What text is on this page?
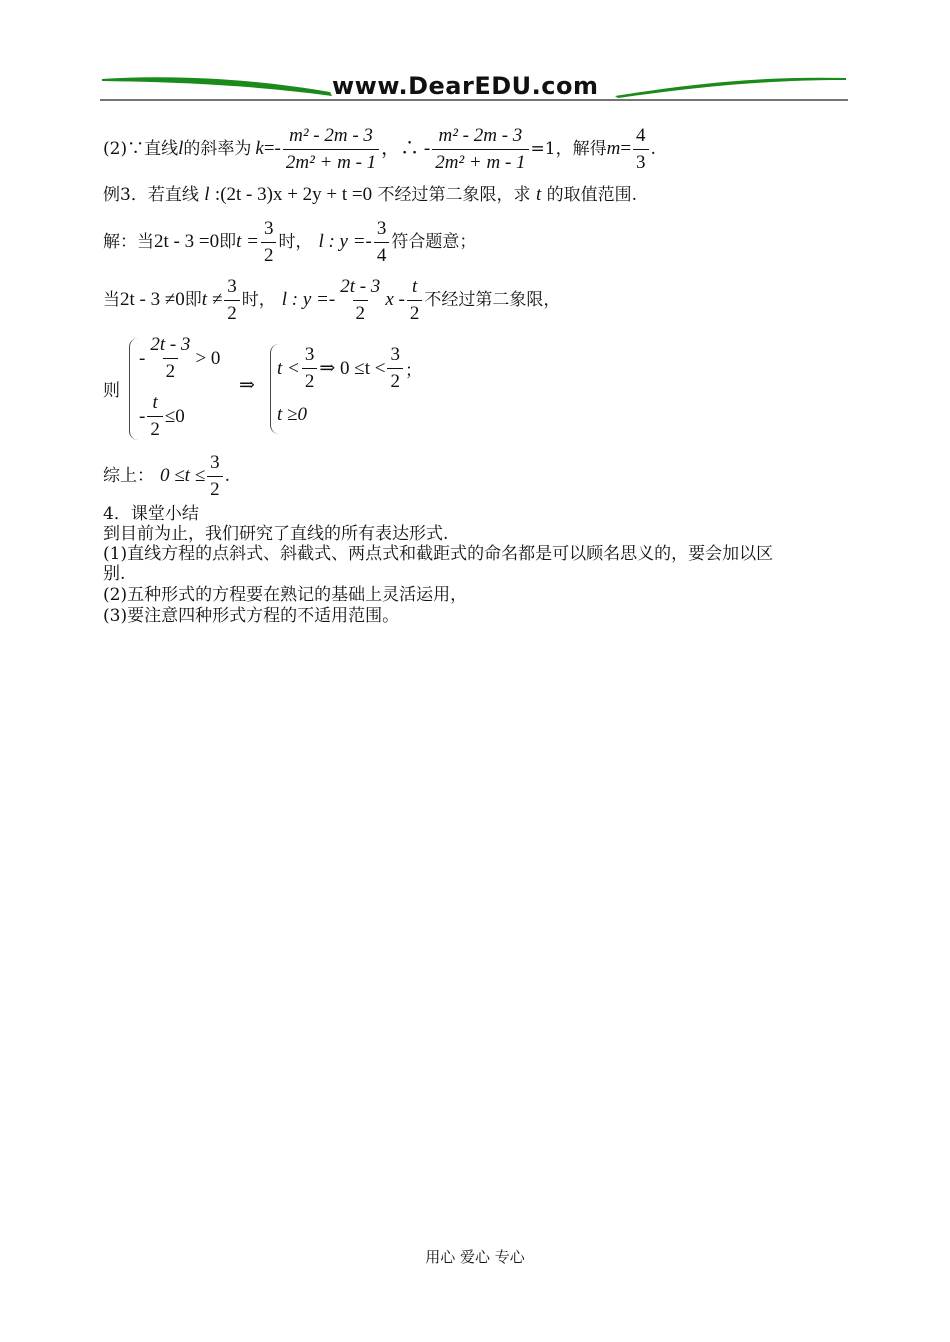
www.DearEDU.com
(2)∵直线 l 的斜率为 $k =- \frac{\text{m² - 2m - 3}}{\text{2m² + m - 1}}$ ，∴ - $\frac{\text{m² - 2m - 3}}{\text{2m² + m - 1}} =1$，解得 $m = \frac{4}{3}$ .
例3．若直线 l :(2t - 3)x + 2y + t =0 不经过第二象限，求 t 的取值范围.
解：当 2t - 3 =0 即 $t = \frac{3}{2}$ 时， l : $y =- \frac{3}{4}$ 符合题意；
当 2t - 3 ≠0 即 $t \ne \frac{3}{2}$ 时， l : $y =- \frac{2t - 3}{2}$ x - $\frac{t}{2}$ 不经过第二象限，
则
- $\frac{2t - 3}{2} > 0$
- $\frac{t}{2} \le 0$
⇒
$t < \frac{3}{2}$ ⇒ $0 \le t < \frac{3}{2}$ ；
t ≥0
综上： $0 \le t \le \frac{3}{2}$ .
4．课堂小结
到目前为止，我们研究了直线的所有表达形式.
(1)直线方程的点斜式、斜截式、两点式和截距式的命名都是可以顾名思义的，要会加以区
别.
(2)五种形式的方程要在熟记的基础上灵活运用，
(3)要注意四种形式方程的不适用范围。
用心 爱心 专心
